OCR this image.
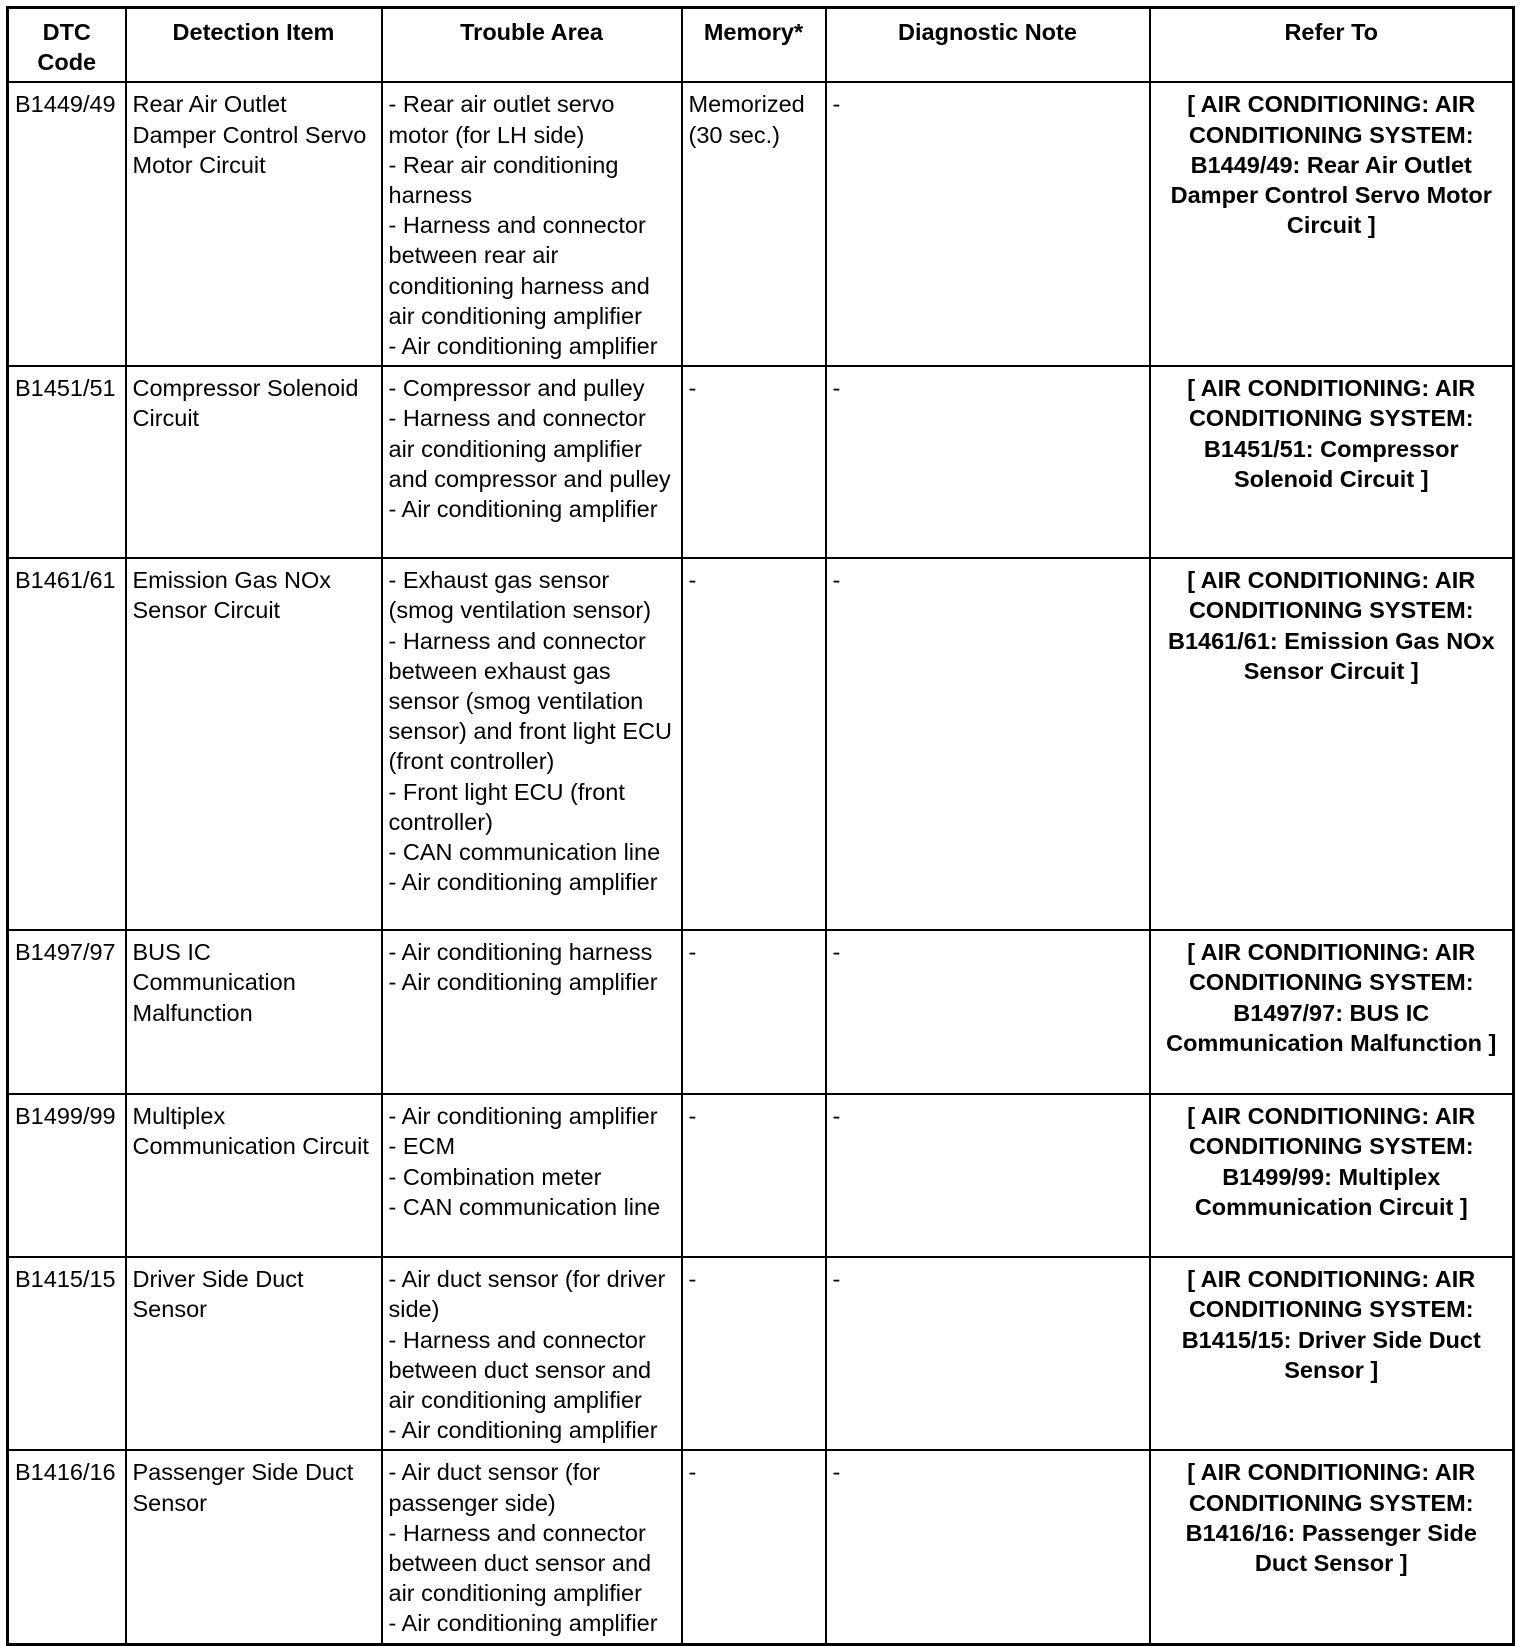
DTC Code	Detection Item	Trouble Area	Memory*	Diagnostic Note	Refer To
B1449/49	Rear Air Outlet Damper Control Servo Motor Circuit	- Rear air outlet servo motor (for LH side)
- Rear air conditioning harness
- Harness and connector between rear air conditioning harness and air conditioning amplifier
- Air conditioning amplifier	Memorized (30 sec.)	-	[ AIR CONDITIONING: AIR CONDITIONING SYSTEM: B1449/49: Rear Air Outlet Damper Control Servo Motor Circuit ]
B1451/51	Compressor Solenoid Circuit	- Compressor and pulley
- Harness and connector air conditioning amplifier and compressor and pulley
- Air conditioning amplifier	-	-	[ AIR CONDITIONING: AIR CONDITIONING SYSTEM: B1451/51: Compressor Solenoid Circuit ]
B1461/61	Emission Gas NOx Sensor Circuit	- Exhaust gas sensor (smog ventilation sensor)
- Harness and connector between exhaust gas sensor (smog ventilation sensor) and front light ECU (front controller)
- Front light ECU (front controller)
- CAN communication line
- Air conditioning amplifier	-	-	[ AIR CONDITIONING: AIR CONDITIONING SYSTEM: B1461/61: Emission Gas NOx Sensor Circuit ]
B1497/97	BUS IC Communication Malfunction	- Air conditioning harness
- Air conditioning amplifier	-	-	[ AIR CONDITIONING: AIR CONDITIONING SYSTEM: B1497/97: BUS IC Communication Malfunction ]
B1499/99	Multiplex Communication Circuit	- Air conditioning amplifier
- ECM
- Combination meter
- CAN communication line	-	-	[ AIR CONDITIONING: AIR CONDITIONING SYSTEM: B1499/99: Multiplex Communication Circuit ]
B1415/15	Driver Side Duct Sensor	- Air duct sensor (for driver side)
- Harness and connector between duct sensor and air conditioning amplifier
- Air conditioning amplifier	-	-	[ AIR CONDITIONING: AIR CONDITIONING SYSTEM: B1415/15: Driver Side Duct Sensor ]
B1416/16	Passenger Side Duct Sensor	- Air duct sensor (for passenger side)
- Harness and connector between duct sensor and air conditioning amplifier
- Air conditioning amplifier	-	-	[ AIR CONDITIONING: AIR CONDITIONING SYSTEM: B1416/16: Passenger Side Duct Sensor ]
